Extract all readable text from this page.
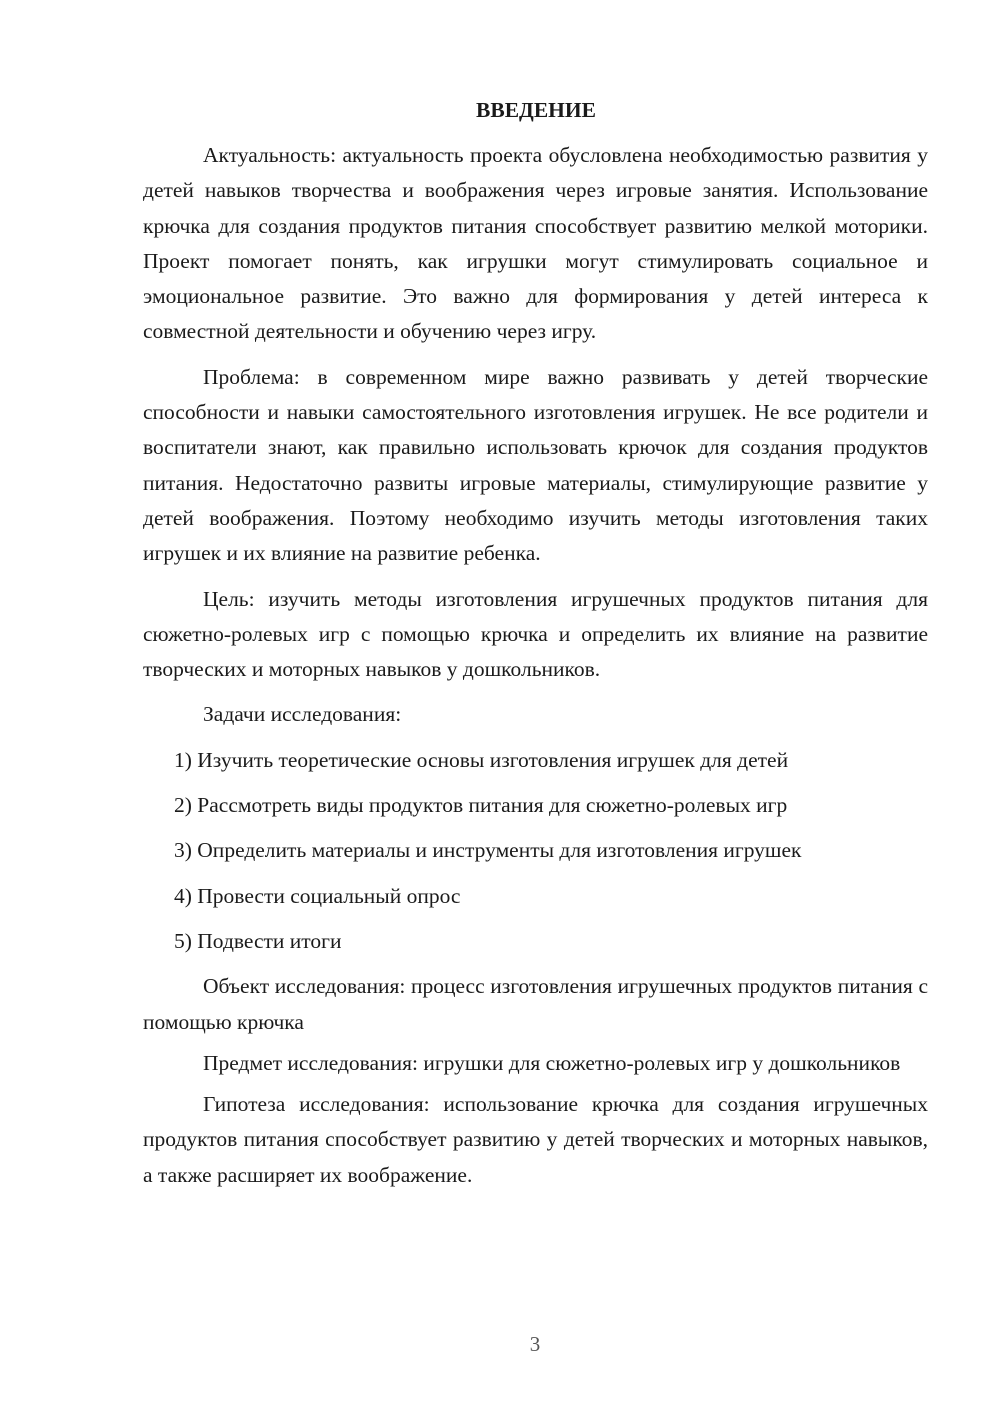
ВВЕДЕНИЕ

Актуальность: актуальность проекта обусловлена необходимостью развития у детей навыков творчества и воображения через игровые занятия. Использование крючка для создания продуктов питания способствует развитию мелкой моторики. Проект помогает понять, как игрушки могут стимулировать социальное и эмоциональное развитие. Это важно для формирования у детей интереса к совместной деятельности и обучению через игру.

Проблема: в современном мире важно развивать у детей творческие способности и навыки самостоятельного изготовления игрушек. Не все родители и воспитатели знают, как правильно использовать крючок для создания продуктов питания. Недостаточно развиты игровые материалы, стимулирующие развитие у детей воображения. Поэтому необходимо изучить методы изготовления таких игрушек и их влияние на развитие ребенка.

Цель: изучить методы изготовления игрушечных продуктов питания для сюжетно-ролевых игр с помощью крючка и определить их влияние на развитие творческих и моторных навыков у дошкольников.

Задачи исследования:
1) Изучить теоретические основы изготовления игрушек для детей
2) Рассмотреть виды продуктов питания для сюжетно-ролевых игр
3) Определить материалы и инструменты для изготовления игрушек
4) Провести социальный опрос
5) Подвести итоги

Объект исследования: процесс изготовления игрушечных продуктов питания с помощью крючка

Предмет исследования: игрушки для сюжетно-ролевых игр у дошкольников

Гипотеза исследования: использование крючка для создания игрушечных продуктов питания способствует развитию у детей творческих и моторных навыков, а также расширяет их воображение.

3
